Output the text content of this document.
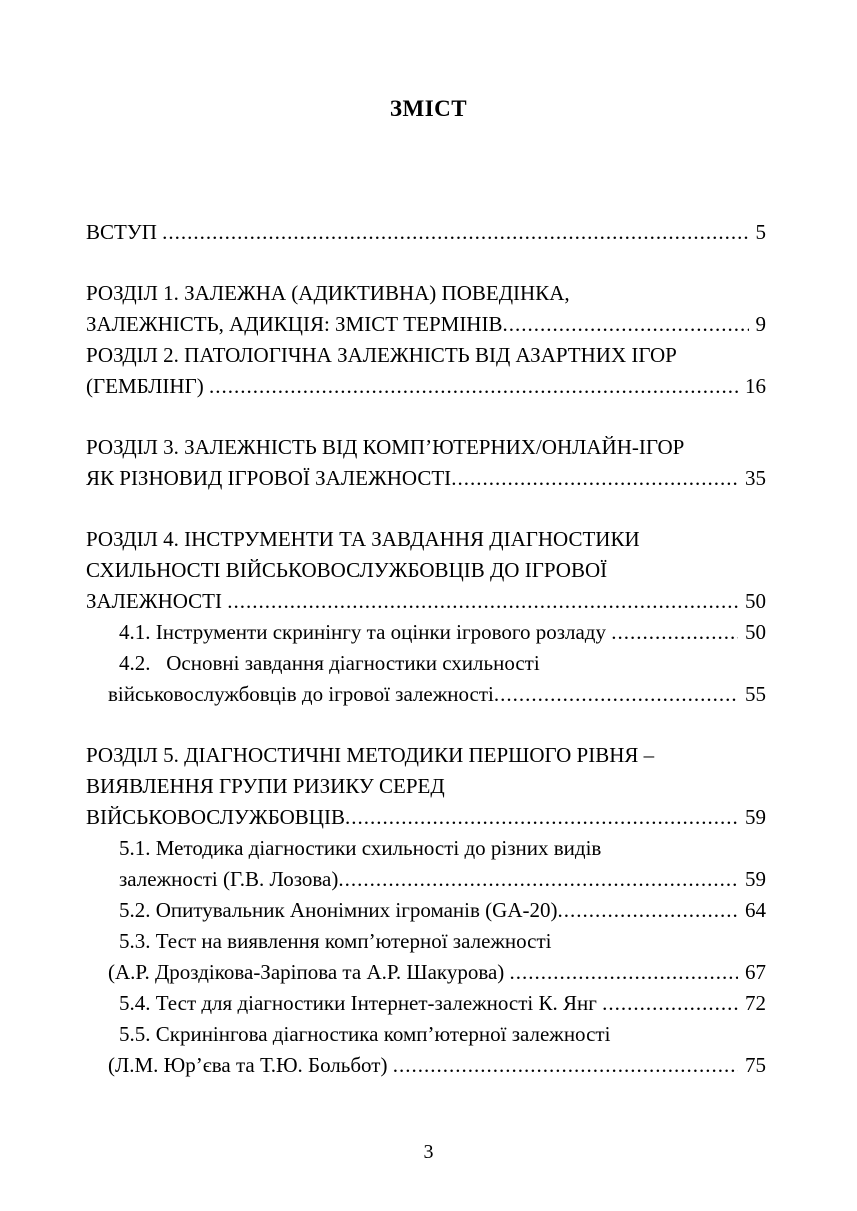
ЗМІСТ
ВСТУП .....	5
РОЗДІЛ 1. ЗАЛЕЖНА (АДИКТИВНА) ПОВЕДІНКА,
ЗАЛЕЖНІСТЬ, АДИКЦІЯ: ЗМІСТ ТЕРМІНІВ .....	9
РОЗДІЛ 2. ПАТОЛОГІЧНА ЗАЛЕЖНІСТЬ ВІД АЗАРТНИХ ІГОР
(ГЕМБЛІНГ) .....	16
РОЗДІЛ 3. ЗАЛЕЖНІСТЬ ВІД КОМП’ЮТЕРНИХ/ОНЛАЙН-ІГОР
ЯК РІЗНОВИД ІГРОВОЇ ЗАЛЕЖНОСТІ .....	35
РОЗДІЛ 4. ІНСТРУМЕНТИ ТА ЗАВДАННЯ ДІАГНОСТИКИ
СХИЛЬНОСТІ ВІЙСЬКОВОСЛУЖБОВЦІВ ДО ІГРОВОЇ
ЗАЛЕЖНОСТІ .....	50
4.1. Інструменти скринінгу та оцінки ігрового розладу .....	50
4.2.   Основні завдання діагностики схильності
військовослужбовців до ігрової залежності .....	55
РОЗДІЛ 5. ДІАГНОСТИЧНІ МЕТОДИКИ ПЕРШОГО РІВНЯ –
ВИЯВЛЕННЯ ГРУПИ РИЗИКУ СЕРЕД
ВІЙСЬКОВОСЛУЖБОВЦІВ .....	59
5.1. Методика діагностики схильності до різних видів
залежності (Г.В. Лозова) .....	59
5.2. Опитувальник Анонімних ігроманів (GA-20) .....	64
5.3. Тест на виявлення комп’ютерної залежності
(А.Р. Дроздікова-Заріпова та А.Р. Шакурова) .....	67
5.4. Тест для діагностики Інтернет-залежності К. Янг .....	72
5.5. Скринінгова діагностика комп’ютерної залежності
(Л.М. Юр’єва та Т.Ю. Больбот) .....	75
3
